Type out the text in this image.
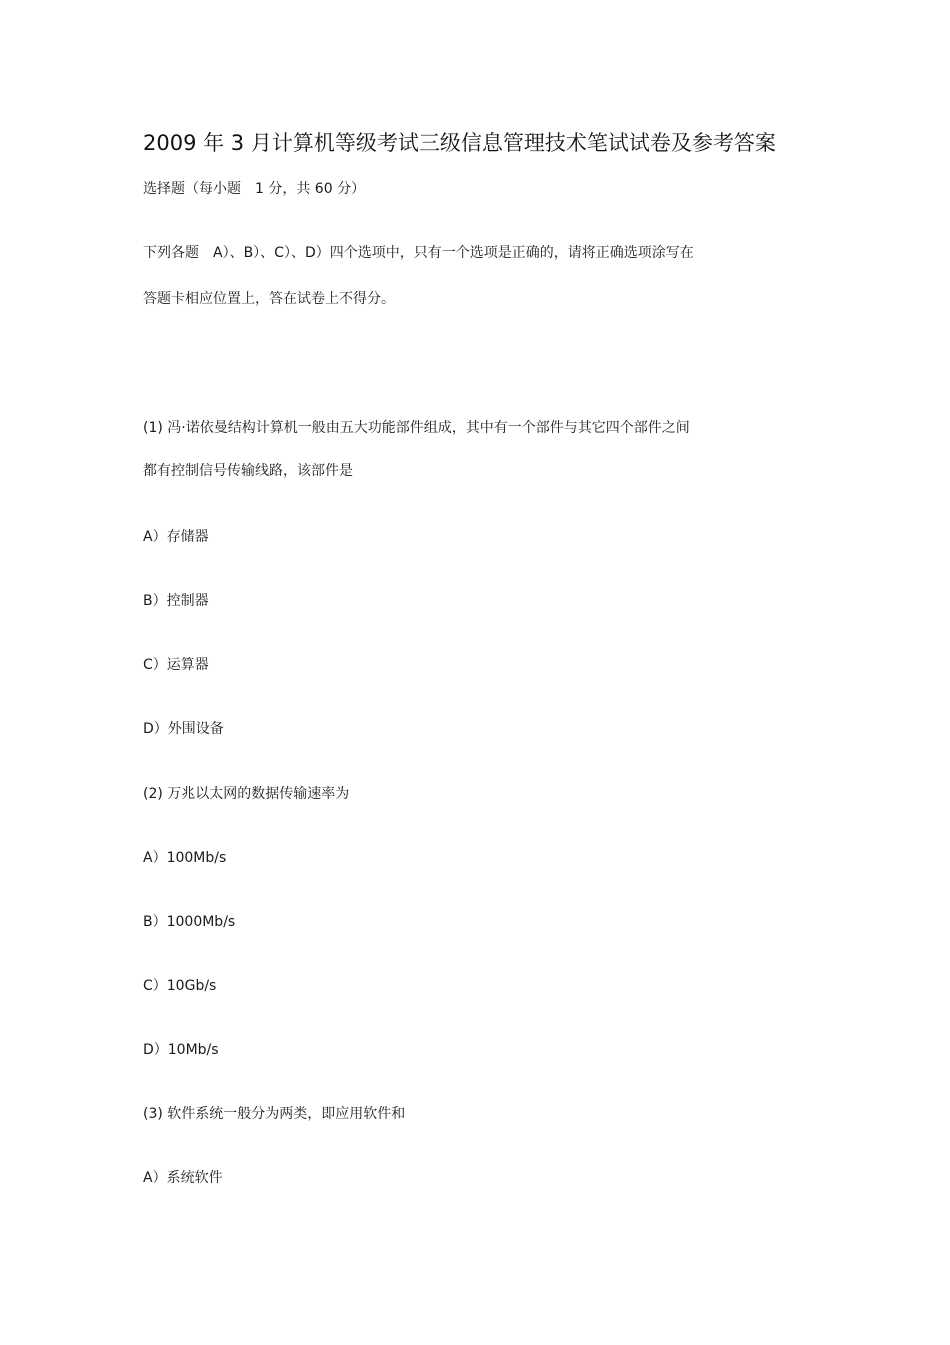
2009 年 3 月计算机等级考试三级信息管理技术笔试试卷及参考答案
选择题（每小题　1 分，共 60 分）
下列各题　A）、B）、C）、D）四个选项中，只有一个选项是正确的，请将正确选项涂写在
答题卡相应位置上，答在试卷上不得分。
(1) 冯·诺依曼结构计算机一般由五大功能部件组成，其中有一个部件与其它四个部件之间
都有控制信号传输线路，该部件是
A）存储器
B）控制器
C）运算器
D）外围设备
(2) 万兆以太网的数据传输速率为
A）100Mb/s
B）1000Mb/s
C）10Gb/s
D）10Mb/s
(3) 软件系统一般分为两类，即应用软件和
A）系统软件
